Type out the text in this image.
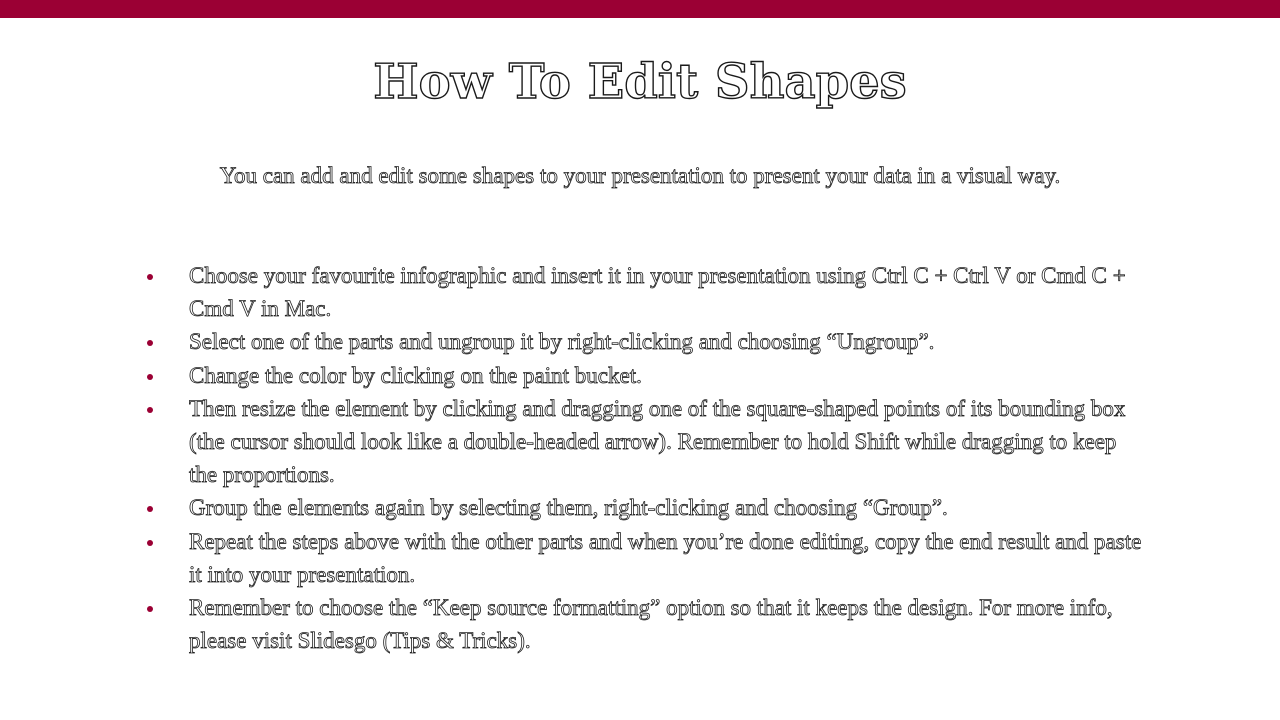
How To Edit Shapes

You can add and edit some shapes to your presentation to present your data in a visual way.

Choose your favourite infographic and insert it in your presentation using Ctrl C + Ctrl V or Cmd C + Cmd V in Mac.
Select one of the parts and ungroup it by right-clicking and choosing “Ungroup”.
Change the color by clicking on the paint bucket.
Then resize the element by clicking and dragging one of the square-shaped points of its bounding box (the cursor should look like a double-headed arrow). Remember to hold Shift while dragging to keep the proportions.
Group the elements again by selecting them, right-clicking and choosing “Group”.
Repeat the steps above with the other parts and when you’re done editing, copy the end result and paste it into your presentation.
Remember to choose the “Keep source formatting” option so that it keeps the design. For more info, please visit Slidesgo (Tips & Tricks).
